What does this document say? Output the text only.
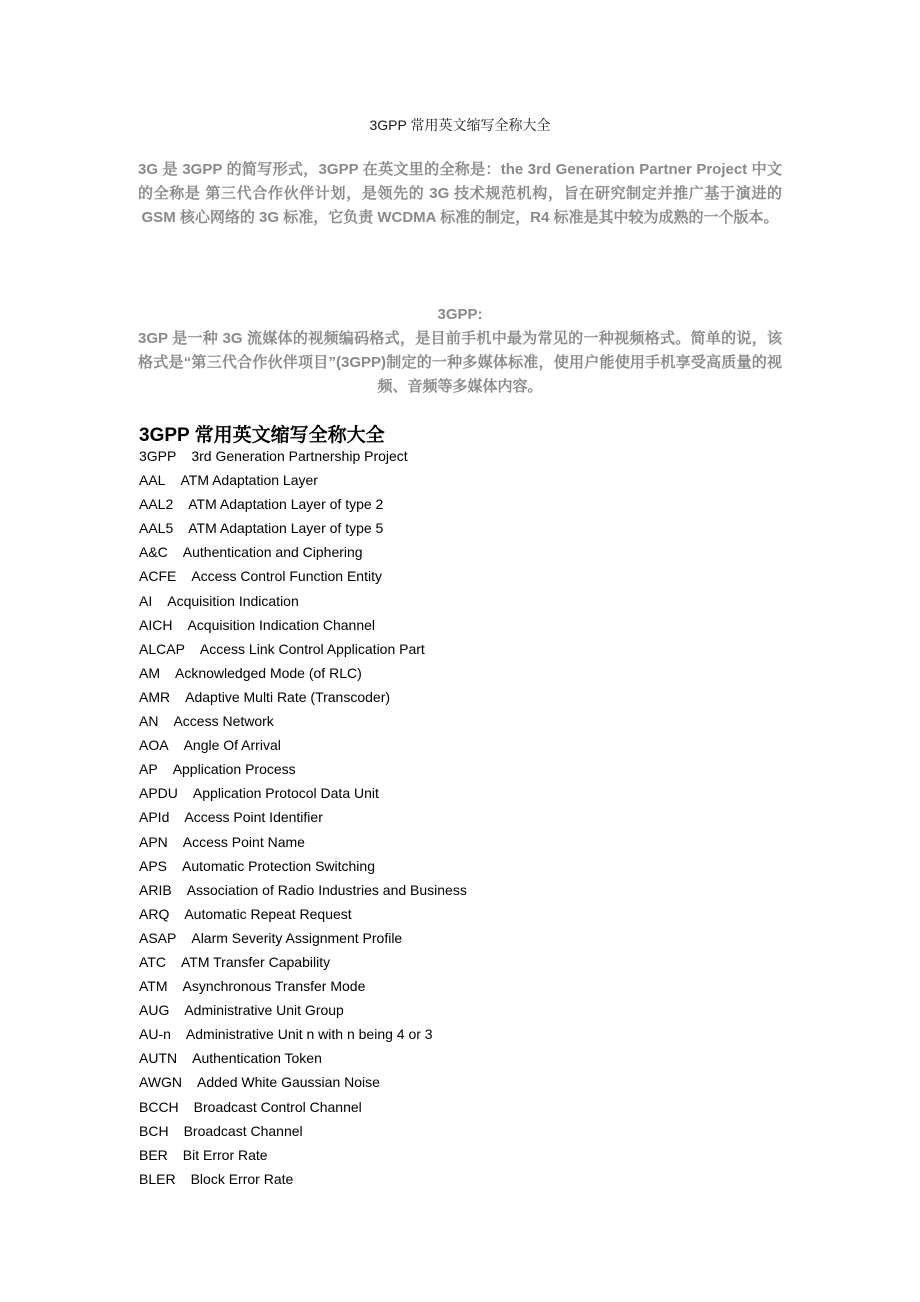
3GPP 常用英文缩写全称大全
3G 是 3GPP 的简写形式，3GPP 在英文里的全称是：the 3rd Generation Partner Project 中文的全称是 第三代合作伙伴计划，是领先的 3G 技术规范机构，旨在研究制定并推广基于演进的 GSM 核心网络的 3G 标准，它负责 WCDMA 标准的制定，R4 标准是其中较为成熟的一个版本。
3GPP:
3GP 是一种 3G 流媒体的视频编码格式，是目前手机中最为常见的一种视频格式。简单的说，该格式是“第三代合作伙伴项目”(3GPP)制定的一种多媒体标准，使用户能使用手机享受高质量的视频、音频等多媒体内容。
3GPP 常用英文缩写全称大全
3GPP 3rd Generation Partnership Project
AAL ATM Adaptation Layer
AAL2 ATM Adaptation Layer of type 2
AAL5 ATM Adaptation Layer of type 5
A&C Authentication and Ciphering
ACFE Access Control Function Entity
AI Acquisition Indication
AICH Acquisition Indication Channel
ALCAP Access Link Control Application Part
AM Acknowledged Mode (of RLC)
AMR Adaptive Multi Rate (Transcoder)
AN Access Network
AOA Angle Of Arrival
AP Application Process
APDU Application Protocol Data Unit
APId Access Point Identifier
APN Access Point Name
APS Automatic Protection Switching
ARIB Association of Radio Industries and Business
ARQ Automatic Repeat Request
ASAP Alarm Severity Assignment Profile
ATC ATM Transfer Capability
ATM Asynchronous Transfer Mode
AUG Administrative Unit Group
AU-n Administrative Unit n with n being 4 or 3
AUTN Authentication Token
AWGN Added White Gaussian Noise
BCCH Broadcast Control Channel
BCH Broadcast Channel
BER Bit Error Rate
BLER Block Error Rate
